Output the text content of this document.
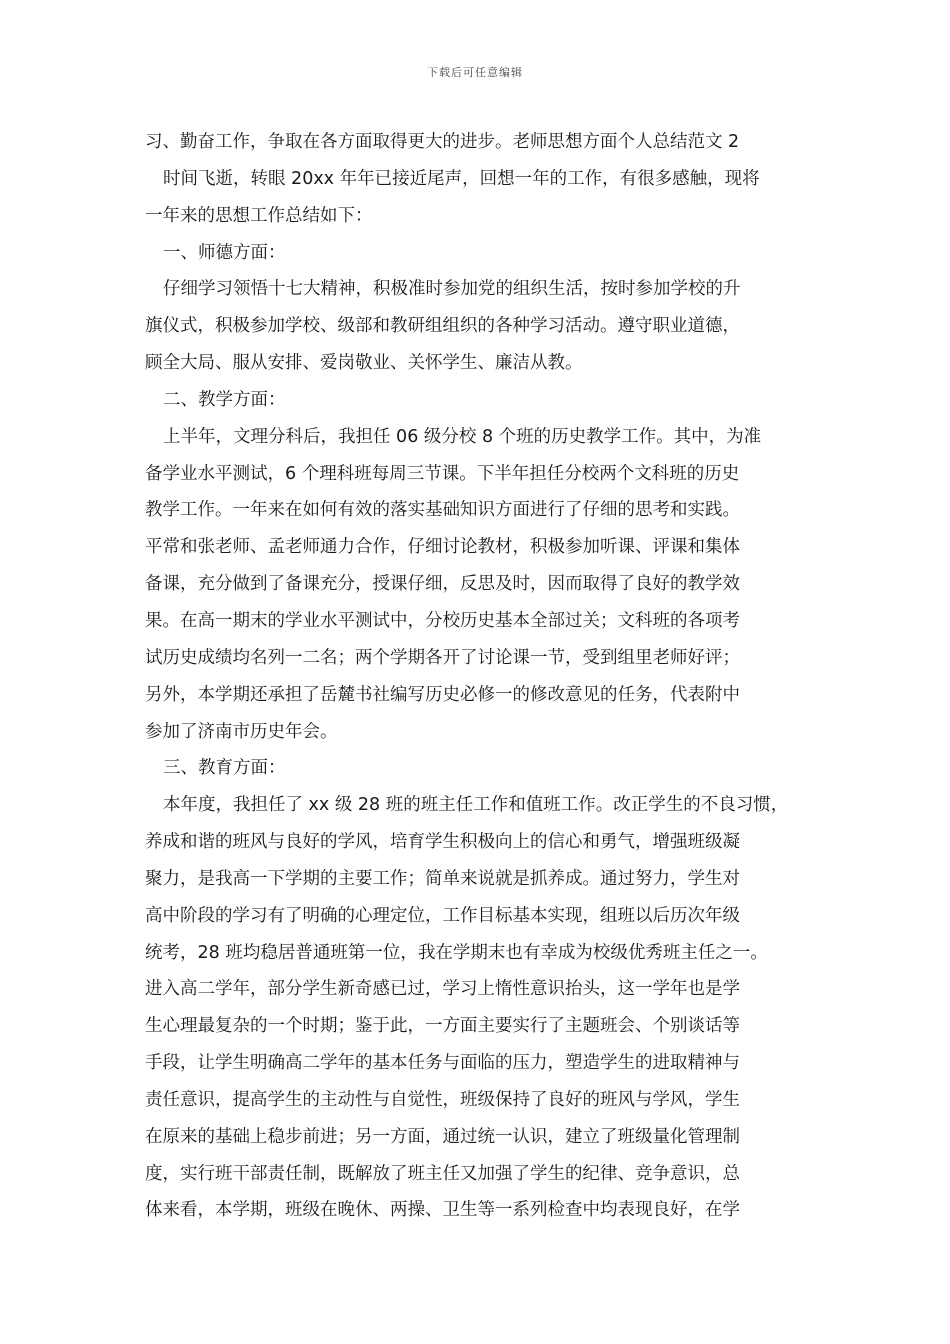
下载后可任意编辑
习、勤奋工作，争取在各方面取得更大的进步。老师思想方面个人总结范文 2
时间飞逝，转眼 20xx 年年已接近尾声，回想一年的工作，有很多感触，现将
一年来的思想工作总结如下：
一、师德方面：
仔细学习领悟十七大精神，积极准时参加党的组织生活，按时参加学校的升
旗仪式，积极参加学校、级部和教研组组织的各种学习活动。遵守职业道德，
顾全大局、服从安排、爱岗敬业、关怀学生、廉洁从教。
二、教学方面：
上半年，文理分科后，我担任 06 级分校 8 个班的历史教学工作。其中，为准
备学业水平测试，6 个理科班每周三节课。下半年担任分校两个文科班的历史
教学工作。一年来在如何有效的落实基础知识方面进行了仔细的思考和实践。
平常和张老师、孟老师通力合作，仔细讨论教材，积极参加听课、评课和集体
备课，充分做到了备课充分，授课仔细，反思及时，因而取得了良好的教学效
果。在高一期末的学业水平测试中，分校历史基本全部过关；文科班的各项考
试历史成绩均名列一二名；两个学期各开了讨论课一节，受到组里老师好评；
另外，本学期还承担了岳麓书社编写历史必修一的修改意见的任务，代表附中
参加了济南市历史年会。
三、教育方面：
本年度，我担任了 xx 级 28 班的班主任工作和值班工作。改正学生的不良习惯，
养成和谐的班风与良好的学风，培育学生积极向上的信心和勇气，增强班级凝
聚力，是我高一下学期的主要工作；简单来说就是抓养成。通过努力，学生对
高中阶段的学习有了明确的心理定位，工作目标基本实现，组班以后历次年级
统考，28 班均稳居普通班第一位，我在学期末也有幸成为校级优秀班主任之一。
进入高二学年，部分学生新奇感已过，学习上惰性意识抬头，这一学年也是学
生心理最复杂的一个时期；鉴于此，一方面主要实行了主题班会、个别谈话等
手段，让学生明确高二学年的基本任务与面临的压力，塑造学生的进取精神与
责任意识，提高学生的主动性与自觉性，班级保持了良好的班风与学风，学生
在原来的基础上稳步前进；另一方面，通过统一认识，建立了班级量化管理制
度，实行班干部责任制，既解放了班主任又加强了学生的纪律、竞争意识，总
体来看，本学期，班级在晚休、两操、卫生等一系列检查中均表现良好，在学
